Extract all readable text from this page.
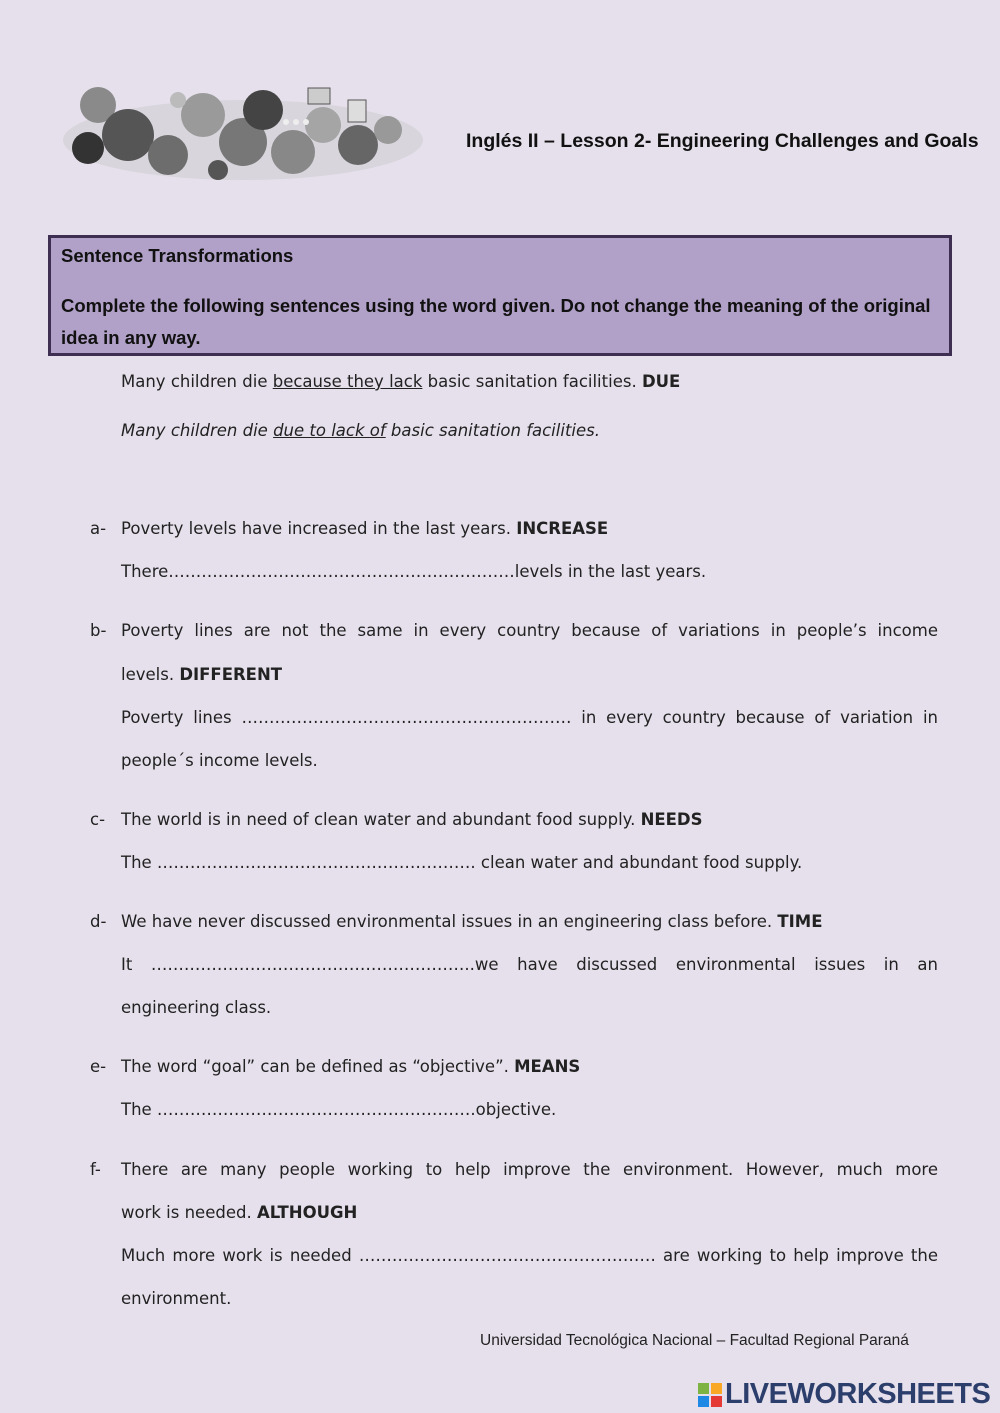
Inglés II – Lesson 2- Engineering Challenges and Goals
Sentence Transformations
Complete the following sentences using the word given. Do not change the meaning of the original idea in any way.
Many children die because they lack basic sanitation facilities. DUE
Many children die due to lack of basic sanitation facilities.
a- Poverty levels have increased in the last years. INCREASE
There………………………………………………………levels in the last years.
b- Poverty lines are not the same in every country because of variations in people’s income
levels. DIFFERENT
Poverty lines …………………………………………………… in every country because of variation in
people´s income levels.
c- The world is in need of clean water and abundant food supply. NEEDS
The …………………………………………………. clean water and abundant food supply.
d- We have never discussed environmental issues in an engineering class before. TIME
It …………………………………………………..we have discussed environmental issues in an
engineering class.
e- The word “goal” can be defined as “objective”. MEANS
The ………………………………………………….objective.
f- There are many people working to help improve the environment. However, much more
work is needed. ALTHOUGH
Much more work is needed ……………………………………………… are working to help improve the
environment.
Universidad Tecnológica Nacional – Facultad Regional Paraná
LIVEWORKSHEETS
